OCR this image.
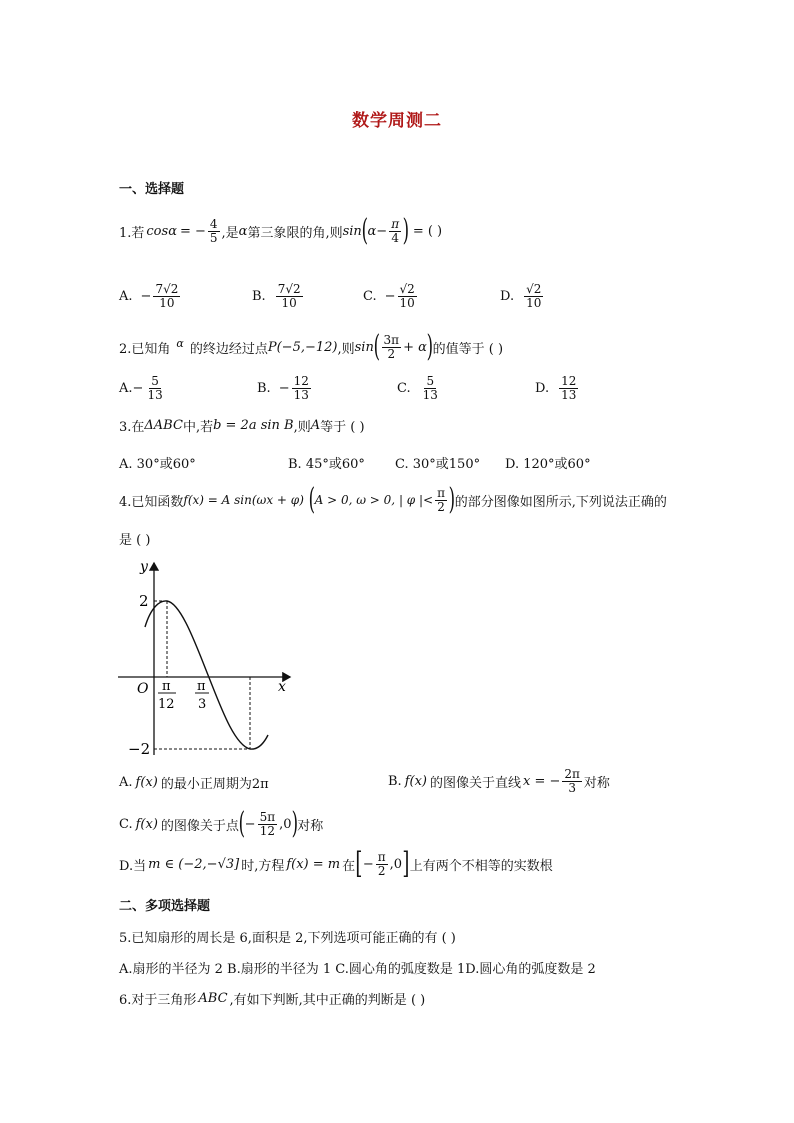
数学周测二
一、选择题
1.若 cos α = − $\frac{4}{5}$ ,是 α 第三象限的角,则 sin ( $\alpha - \frac{\pi}{4}$ ) = ( )
A. − $\frac{7√2}{10}$	B. $\frac{7√2}{10}$	C. − $\frac{√2}{10}$	D. $\frac{√2}{10}$
2.已知角 α 的终边经过点 P(−5,−12) ,则 sin ( $\frac{3\pi}{2} + \alpha$ ) 的值等于 ( )
A. − $\frac{5}{13}$	B. − $\frac{12}{13}$	C. $\frac{5}{13}$	D. $\frac{12}{13}$
3.在 ΔABC 中,若 b = 2a sin B ,则 A 等于 ( )
A. 30°或60°	B. 45°或60° C. 30°或150° D. 120°或60°
4.已知函数 f(x) = A sin(ωx + φ) ( A > 0, ω > 0, | φ |< $\frac{\pi}{2}$ ) 的部分图像如图所示,下列说法正确的
是 ( )
y
x
O
2
−2
π
12
π
3
A. f(x) 的最小正周期为2π	B. f(x) 的图像关于直线 x = − $\frac{2\pi}{3}$ 对称
C. f(x) 的图像关于点 ( − $\frac{5\pi}{12} ,0$ ) 对称
D.当 m ∈ (−2,−√3] 时,方程 f(x) = m 在 [ − $\frac{\pi}{2} ,0$ ] 上有两个不相等的实数根
二、多项选择题
5.已知扇形的周长是 6,面积是 2,下列选项可能正确的有 ( )
A.扇形的半径为 2 B.扇形的半径为 1 C.圆心角的弧度数是 1D.圆心角的弧度数是 2
6.对于三角形 ABC ,有如下判断,其中正确的判断是 ( )
